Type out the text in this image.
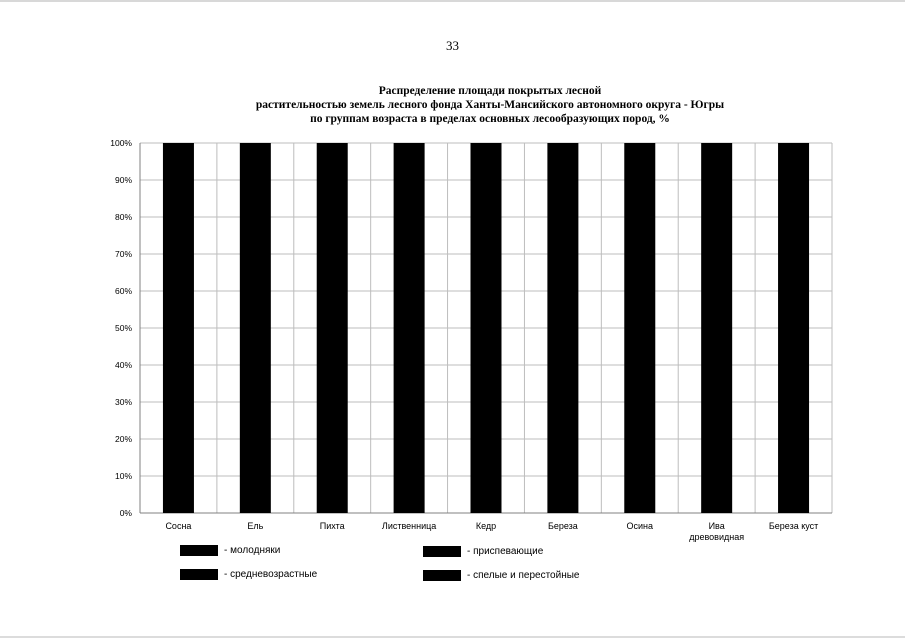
33
Распределение площади покрытых лесной
растительностью земель лесного фонда Ханты-Мансийского автономного округа - Югры
по группам возраста в пределах основных лесообразующих пород, %
0%
10%
20%
30%
40%
50%
60%
70%
80%
90%
100%
Сосна	Ель	Пихта	Лиственница	Кедр	Береза	Осина	Ива
древовидная
Береза куст
- молодняки
- средневозрастные
- приспевающие
- спелые и перестойные
